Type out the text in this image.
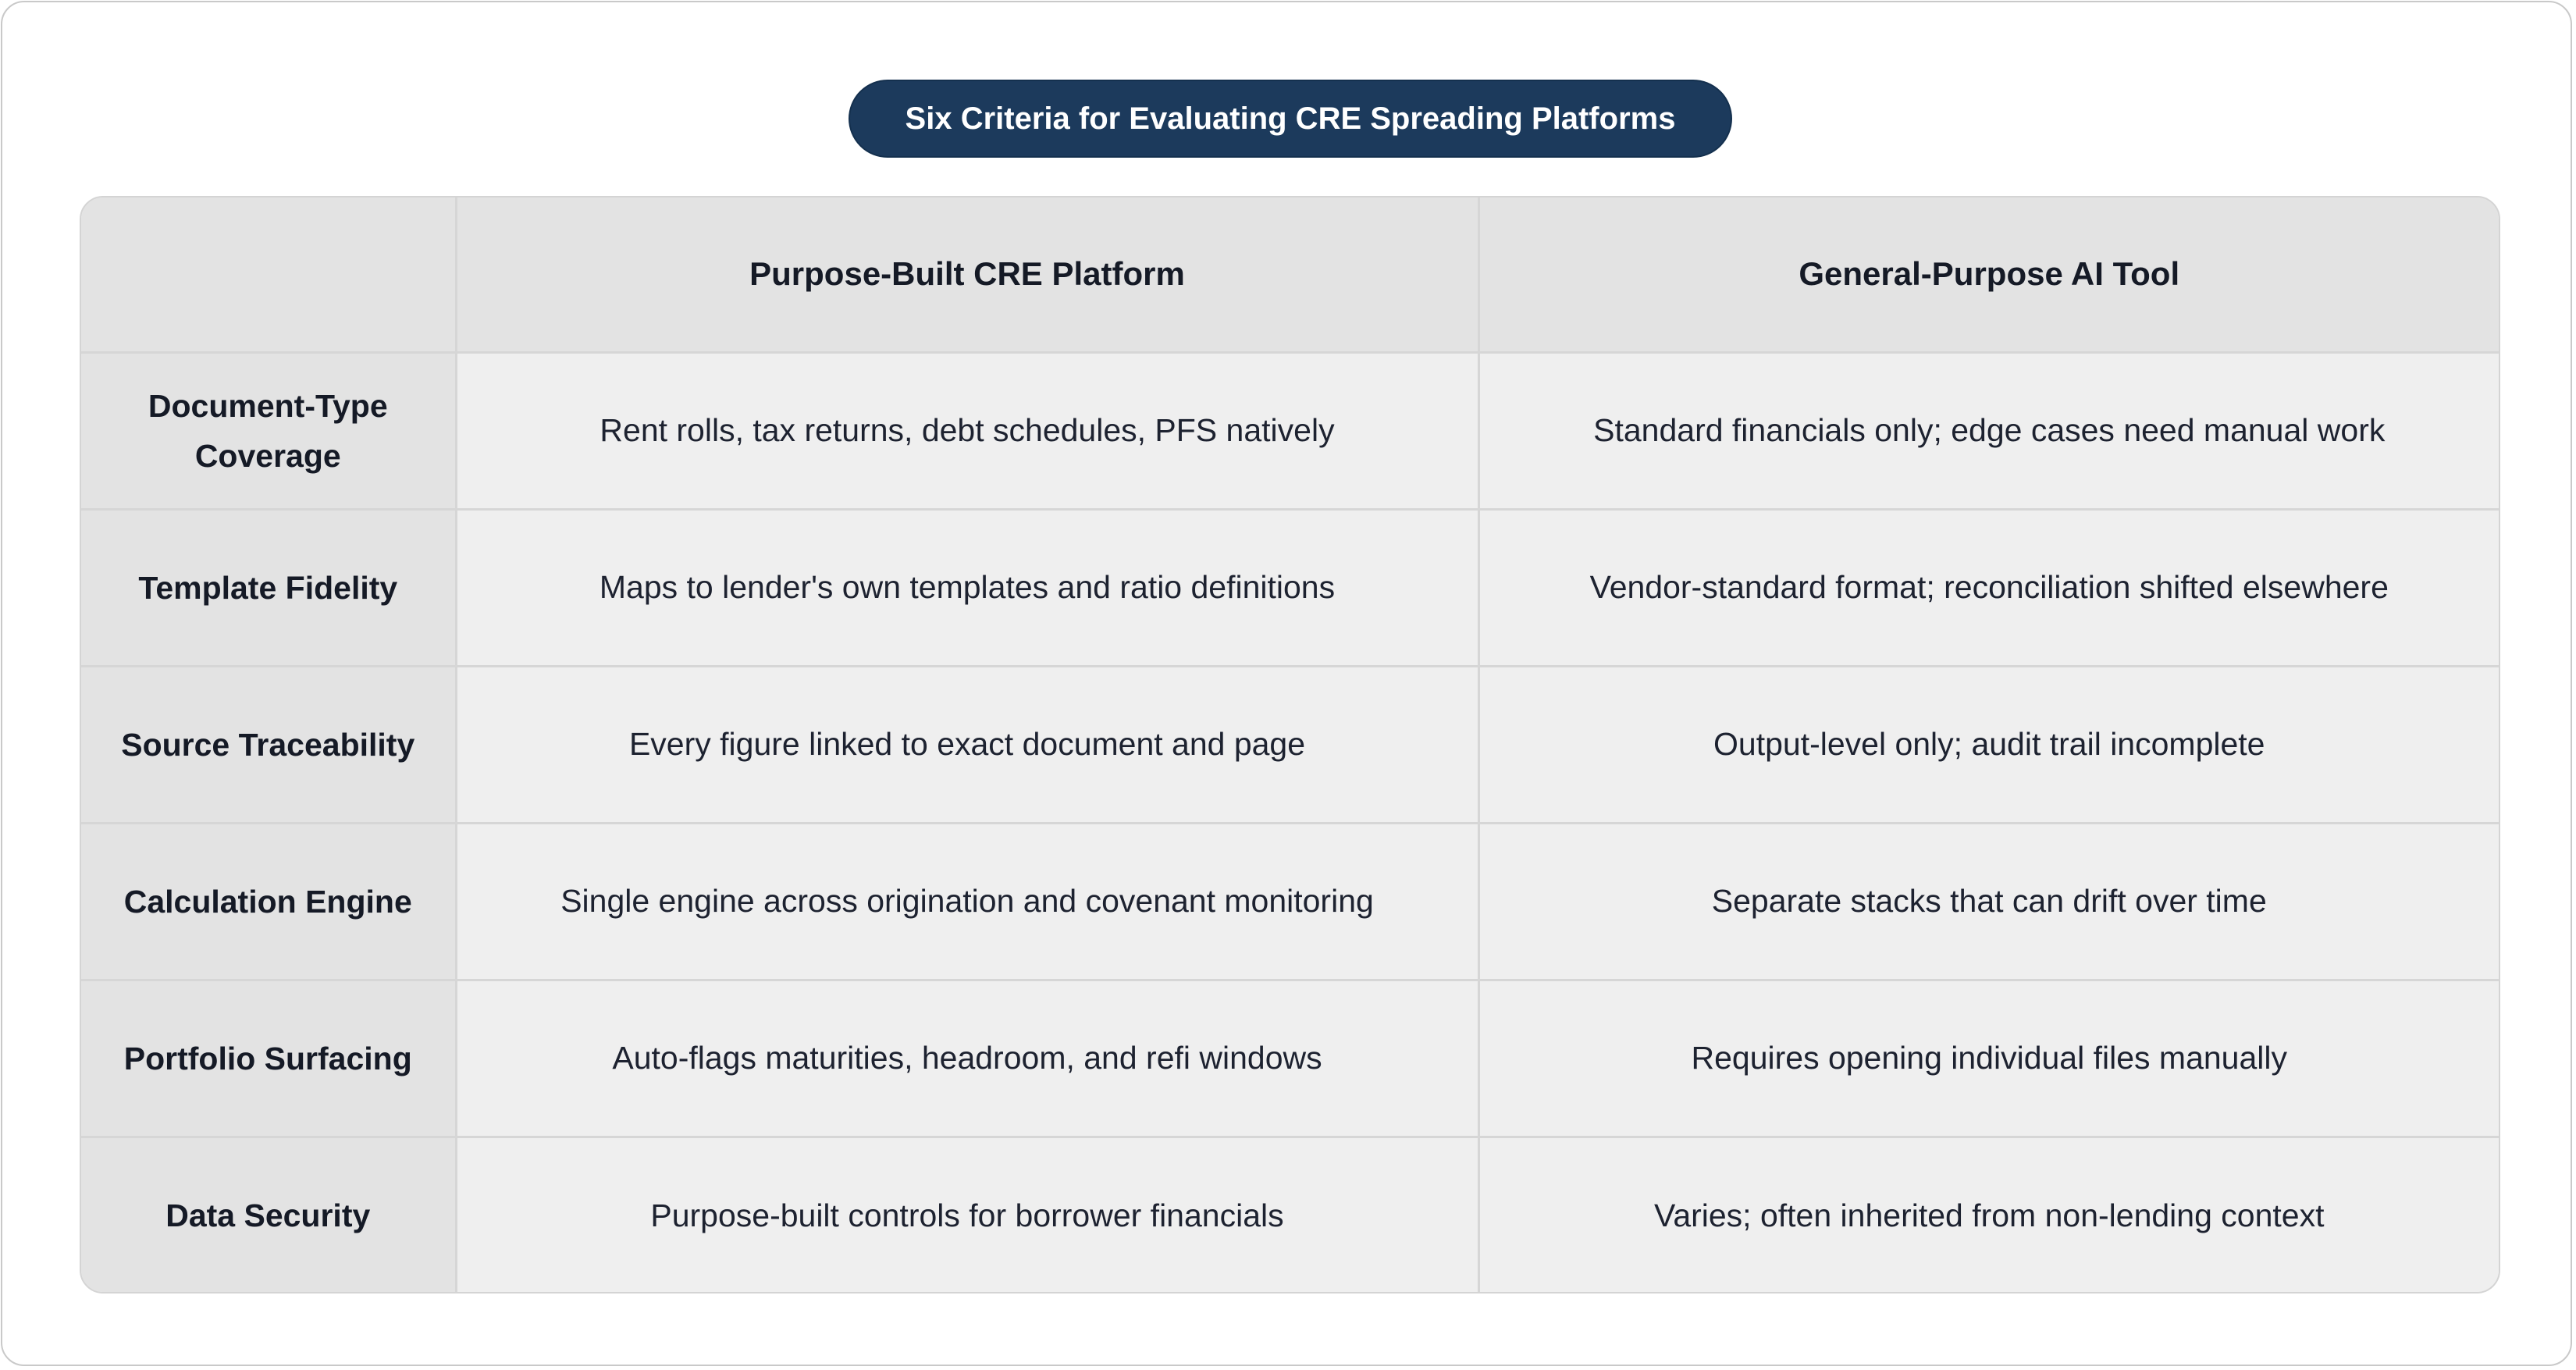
Six Criteria for Evaluating CRE Spreading Platforms
	Purpose-Built CRE Platform	General-Purpose AI Tool
Document-Type Coverage	Rent rolls, tax returns, debt schedules, PFS natively	Standard financials only; edge cases need manual work
Template Fidelity	Maps to lender's own templates and ratio definitions	Vendor-standard format; reconciliation shifted elsewhere
Source Traceability	Every figure linked to exact document and page	Output-level only; audit trail incomplete
Calculation Engine	Single engine across origination and covenant monitoring	Separate stacks that can drift over time
Portfolio Surfacing	Auto-flags maturities, headroom, and refi windows	Requires opening individual files manually
Data Security	Purpose-built controls for borrower financials	Varies; often inherited from non-lending context
